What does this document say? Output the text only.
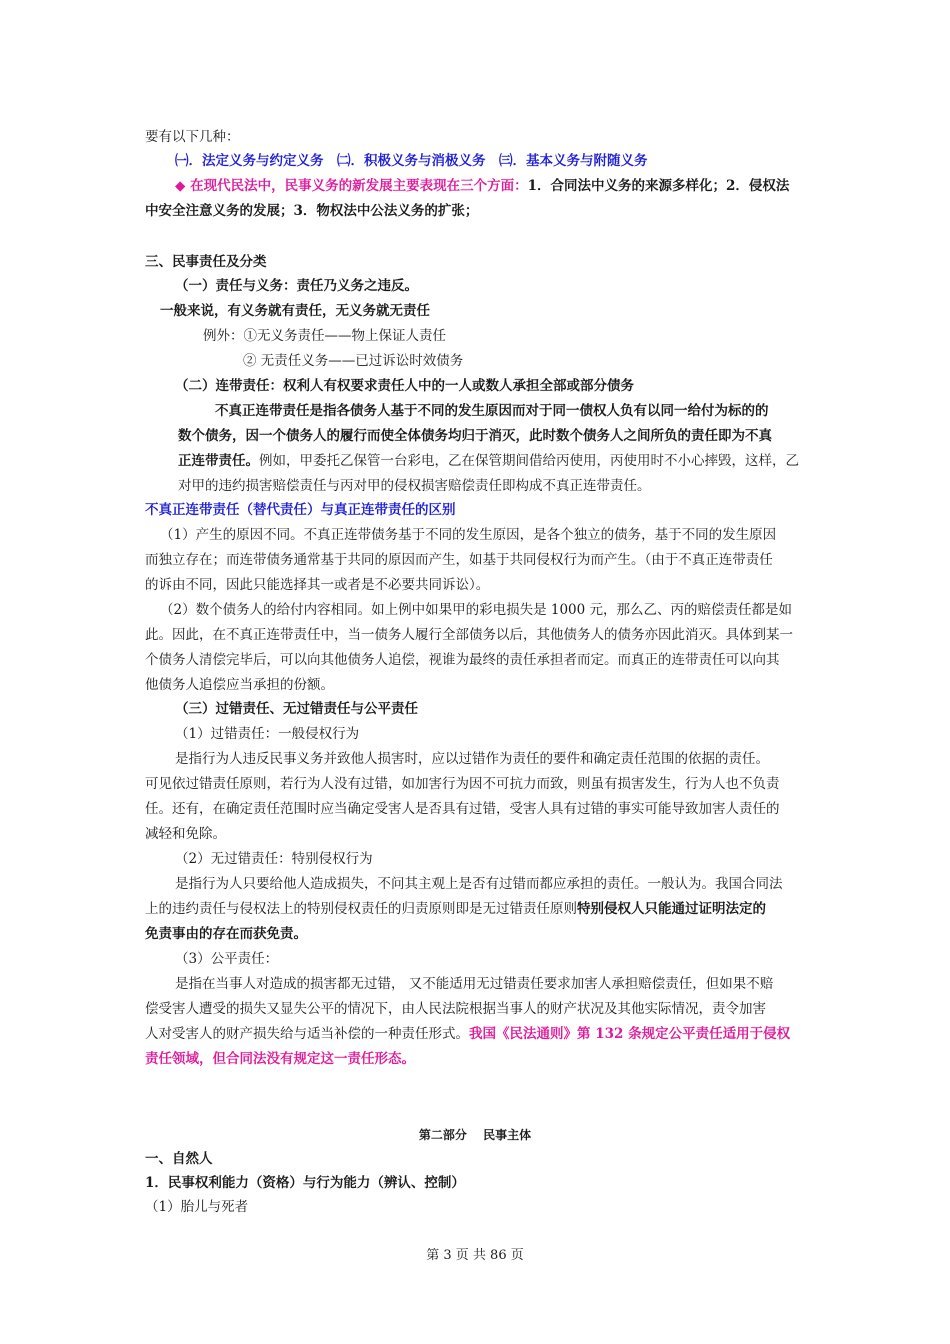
要有以下几种：
㈠．法定义务与约定义务　㈡．积极义务与消极义务　㈢．基本义务与附随义务
◆ 在现代民法中，民事义务的新发展主要表现在三个方面：1．合同法中义务的来源多样化；2．侵权法
中安全注意义务的发展；3．物权法中公法义务的扩张；
三、民事责任及分类
（一）责任与义务：责任乃义务之违反。
一般来说，有义务就有责任，无义务就无责任
例外：①无义务责任——物上保证人责任
② 无责任义务——已过诉讼时效债务
（二）连带责任：权利人有权要求责任人中的一人或数人承担全部或部分债务
不真正连带责任是指各债务人基于不同的发生原因而对于同一债权人负有以同一给付为标的的
数个债务，因一个债务人的履行而使全体债务均归于消灭，此时数个债务人之间所负的责任即为不真
正连带责任。例如，甲委托乙保管一台彩电，乙在保管期间借给丙使用，丙使用时不小心摔毁，这样，乙
对甲的违约损害赔偿责任与丙对甲的侵权损害赔偿责任即构成不真正连带责任。
不真正连带责任（替代责任）与真正连带责任的区别
（1）产生的原因不同。不真正连带债务基于不同的发生原因，是各个独立的债务，基于不同的发生原因
而独立存在；而连带债务通常基于共同的原因而产生，如基于共同侵权行为而产生。（由于不真正连带责任
的诉由不同，因此只能选择其一或者是不必要共同诉讼）。
（2）数个债务人的给付内容相同。如上例中如果甲的彩电损失是 1000 元，那么乙、丙的赔偿责任都是如
此。因此，在不真正连带责任中，当一债务人履行全部债务以后，其他债务人的债务亦因此消灭。具体到某一
个债务人清偿完毕后，可以向其他债务人追偿，视谁为最终的责任承担者而定。而真正的连带责任可以向其
他债务人追偿应当承担的份额。
（三）过错责任、无过错责任与公平责任
（1）过错责任：一般侵权行为
是指行为人违反民事义务并致他人损害时，应以过错作为责任的要件和确定责任范围的依据的责任。
可见依过错责任原则，若行为人没有过错，如加害行为因不可抗力而致，则虽有损害发生，行为人也不负责
任。还有，在确定责任范围时应当确定受害人是否具有过错，受害人具有过错的事实可能导致加害人责任的
减轻和免除。
（2）无过错责任：特别侵权行为
是指行为人只要给他人造成损失，不问其主观上是否有过错而都应承担的责任。一般认为。我国合同法
上的违约责任与侵权法上的特别侵权责任的归责原则即是无过错责任原则特别侵权人只能通过证明法定的
免责事由的存在而获免责。
（3）公平责任：
是指在当事人对造成的损害都无过错， 又不能适用无过错责任要求加害人承担赔偿责任，但如果不赔
偿受害人遭受的损失又显失公平的情况下，由人民法院根据当事人的财产状况及其他实际情况，责令加害
人对受害人的财产损失给与适当补偿的一种责任形式。我国《民法通则》第 132 条规定公平责任适用于侵权
责任领域，但合同法没有规定这一责任形态。
第二部分　 民事主体
一、自然人
1．民事权利能力（资格）与行为能力（辨认、控制）
（1）胎儿与死者
第 3 页 共 86 页
